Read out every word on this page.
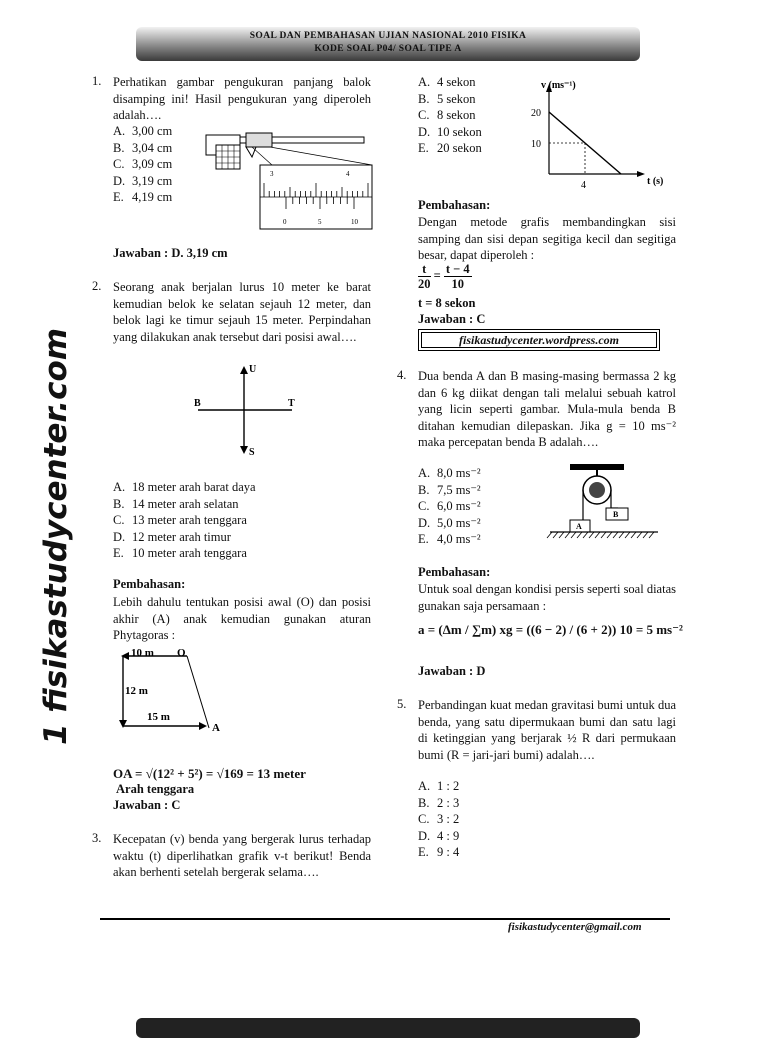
SOAL DAN PEMBAHASAN UJIAN NASIONAL 2010 FISIKA
KODE SOAL P04/ SOAL TIPE A
1 fisikastudycenter.com
1. Perhatikan gambar pengukuran panjang balok disamping ini! Hasil pengukuran yang diperoleh adalah….
A. 3,00 cm
B. 3,04 cm
C. 3,09 cm
D. 3,19 cm
E. 4,19 cm
3	4
0	5	10
Jawaban : D. 3,19 cm
2. Seorang anak berjalan lurus 10 meter ke barat kemudian belok ke selatan sejauh 12 meter, dan belok lagi ke timur sejauh 15 meter. Perpindahan yang dilakukan anak tersebut dari posisi awal….
U
B	T
S
A. 18 meter arah barat daya
B. 14 meter arah selatan
C. 13 meter arah tenggara
D. 12 meter arah timur
E. 10 meter arah tenggara
Pembahasan:
Lebih dahulu tentukan posisi awal (O) dan posisi akhir (A) anak kemudian gunakan aturan Phytagoras :
10 m O
12 m
15 m
A
OA = √(12² + 5²) = √169 = 13 meter
Arah tenggara
Jawaban : C
3. Kecepatan (v) benda yang bergerak lurus terhadap waktu (t) diperlihatkan grafik v-t berikut! Benda akan berhenti setelah bergerak selama….
A. 4 sekon
B. 5 sekon
C. 8 sekon
D. 10 sekon
E. 20 sekon
v (ms⁻¹)
t (s)
20
10
4
Pembahasan:
Dengan metode grafis membandingkan sisi samping dan sisi depan segitiga kecil dan segitiga besar, dapat diperoleh :
$\frac{t}{20} = \frac{t - 4}{10}$
t = 8 sekon
Jawaban : C
fisikastudycenter.wordpress.com
4. Dua benda A dan B masing-masing bermassa 2 kg dan 6 kg diikat dengan tali melalui sebuah katrol yang licin seperti gambar. Mula-mula benda B ditahan kemudian dilepaskan. Jika g = 10 ms⁻² maka percepatan benda B adalah….
A. 8,0 ms⁻²
B. 7,5 ms⁻²
C. 6,0 ms⁻²
D. 5,0 ms⁻²
E. 4,0 ms⁻²
A
B
Pembahasan:
Untuk soal dengan kondisi persis seperti soal diatas gunakan saja persamaan :
a = (Δm / ∑m) xg = ((6 − 2) / (6 + 2)) 10 = 5 ms⁻²
Jawaban : D
5. Perbandingan kuat medan gravitasi bumi untuk dua benda, yang satu dipermukaan bumi dan satu lagi di ketinggian yang berjarak ½ R dari permukaan bumi (R = jari-jari bumi) adalah….
A. 1 : 2
B. 2 : 3
C. 3 : 2
D. 4 : 9
E. 9 : 4
fisikastudycenter@gmail.com
